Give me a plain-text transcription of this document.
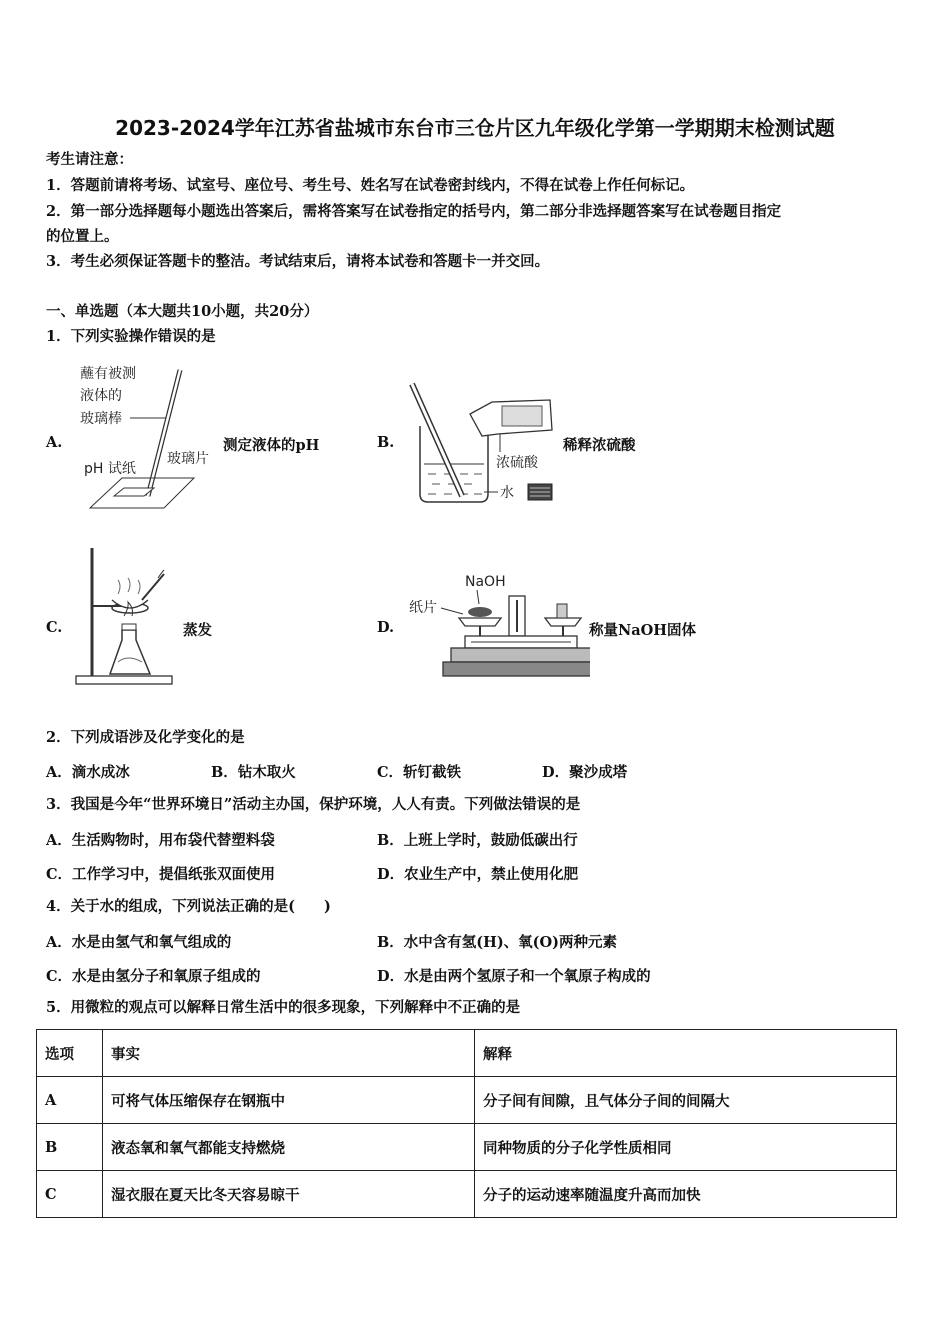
2023-2024学年江苏省盐城市东台市三仓片区九年级化学第一学期期末检测试题
考生请注意：
1．答题前请将考场、试室号、座位号、考生号、姓名写在试卷密封线内，不得在试卷上作任何标记。
2．第一部分选择题每小题选出答案后，需将答案写在试卷指定的括号内，第二部分非选择题答案写在试卷题目指定
的位置上。
3．考生必须保证答题卡的整洁。考试结束后，请将本试卷和答题卡一并交回。
一、单选题（本大题共10小题，共20分）
1．下列实验操作错误的是
A.
蘸有被测
液体的
玻璃棒
pH 试纸
玻璃片
测定液体的pH	B.
浓硫酸
水
稀释浓硫酸
C.	蒸发	D.
NaOH
纸片
称量NaOH固体
2．下列成语涉及化学变化的是
A．滴水成冰	B．钻木取火	C．斩钉截铁	D．聚沙成塔
3．我国是今年“世界环境日”活动主办国，保护环境，人人有责。下列做法错误的是
A．生活购物时，用布袋代替塑料袋	B．上班上学时，鼓励低碳出行
C．工作学习中，提倡纸张双面使用	D．农业生产中，禁止使用化肥
4．关于水的组成，下列说法正确的是(　　)
A．水是由氢气和氧气组成的	B．水中含有氢(H)、氧(O)两种元素
C．水是由氢分子和氧原子组成的	D．水是由两个氢原子和一个氧原子构成的
5．用微粒的观点可以解释日常生活中的很多现象，下列解释中不正确的是
选项	事实	解释
A	可将气体压缩保存在钢瓶中	分子间有间隙，且气体分子间的间隔大
B	液态氧和氧气都能支持燃烧	同种物质的分子化学性质相同
C	湿衣服在夏天比冬天容易晾干	分子的运动速率随温度升高而加快
